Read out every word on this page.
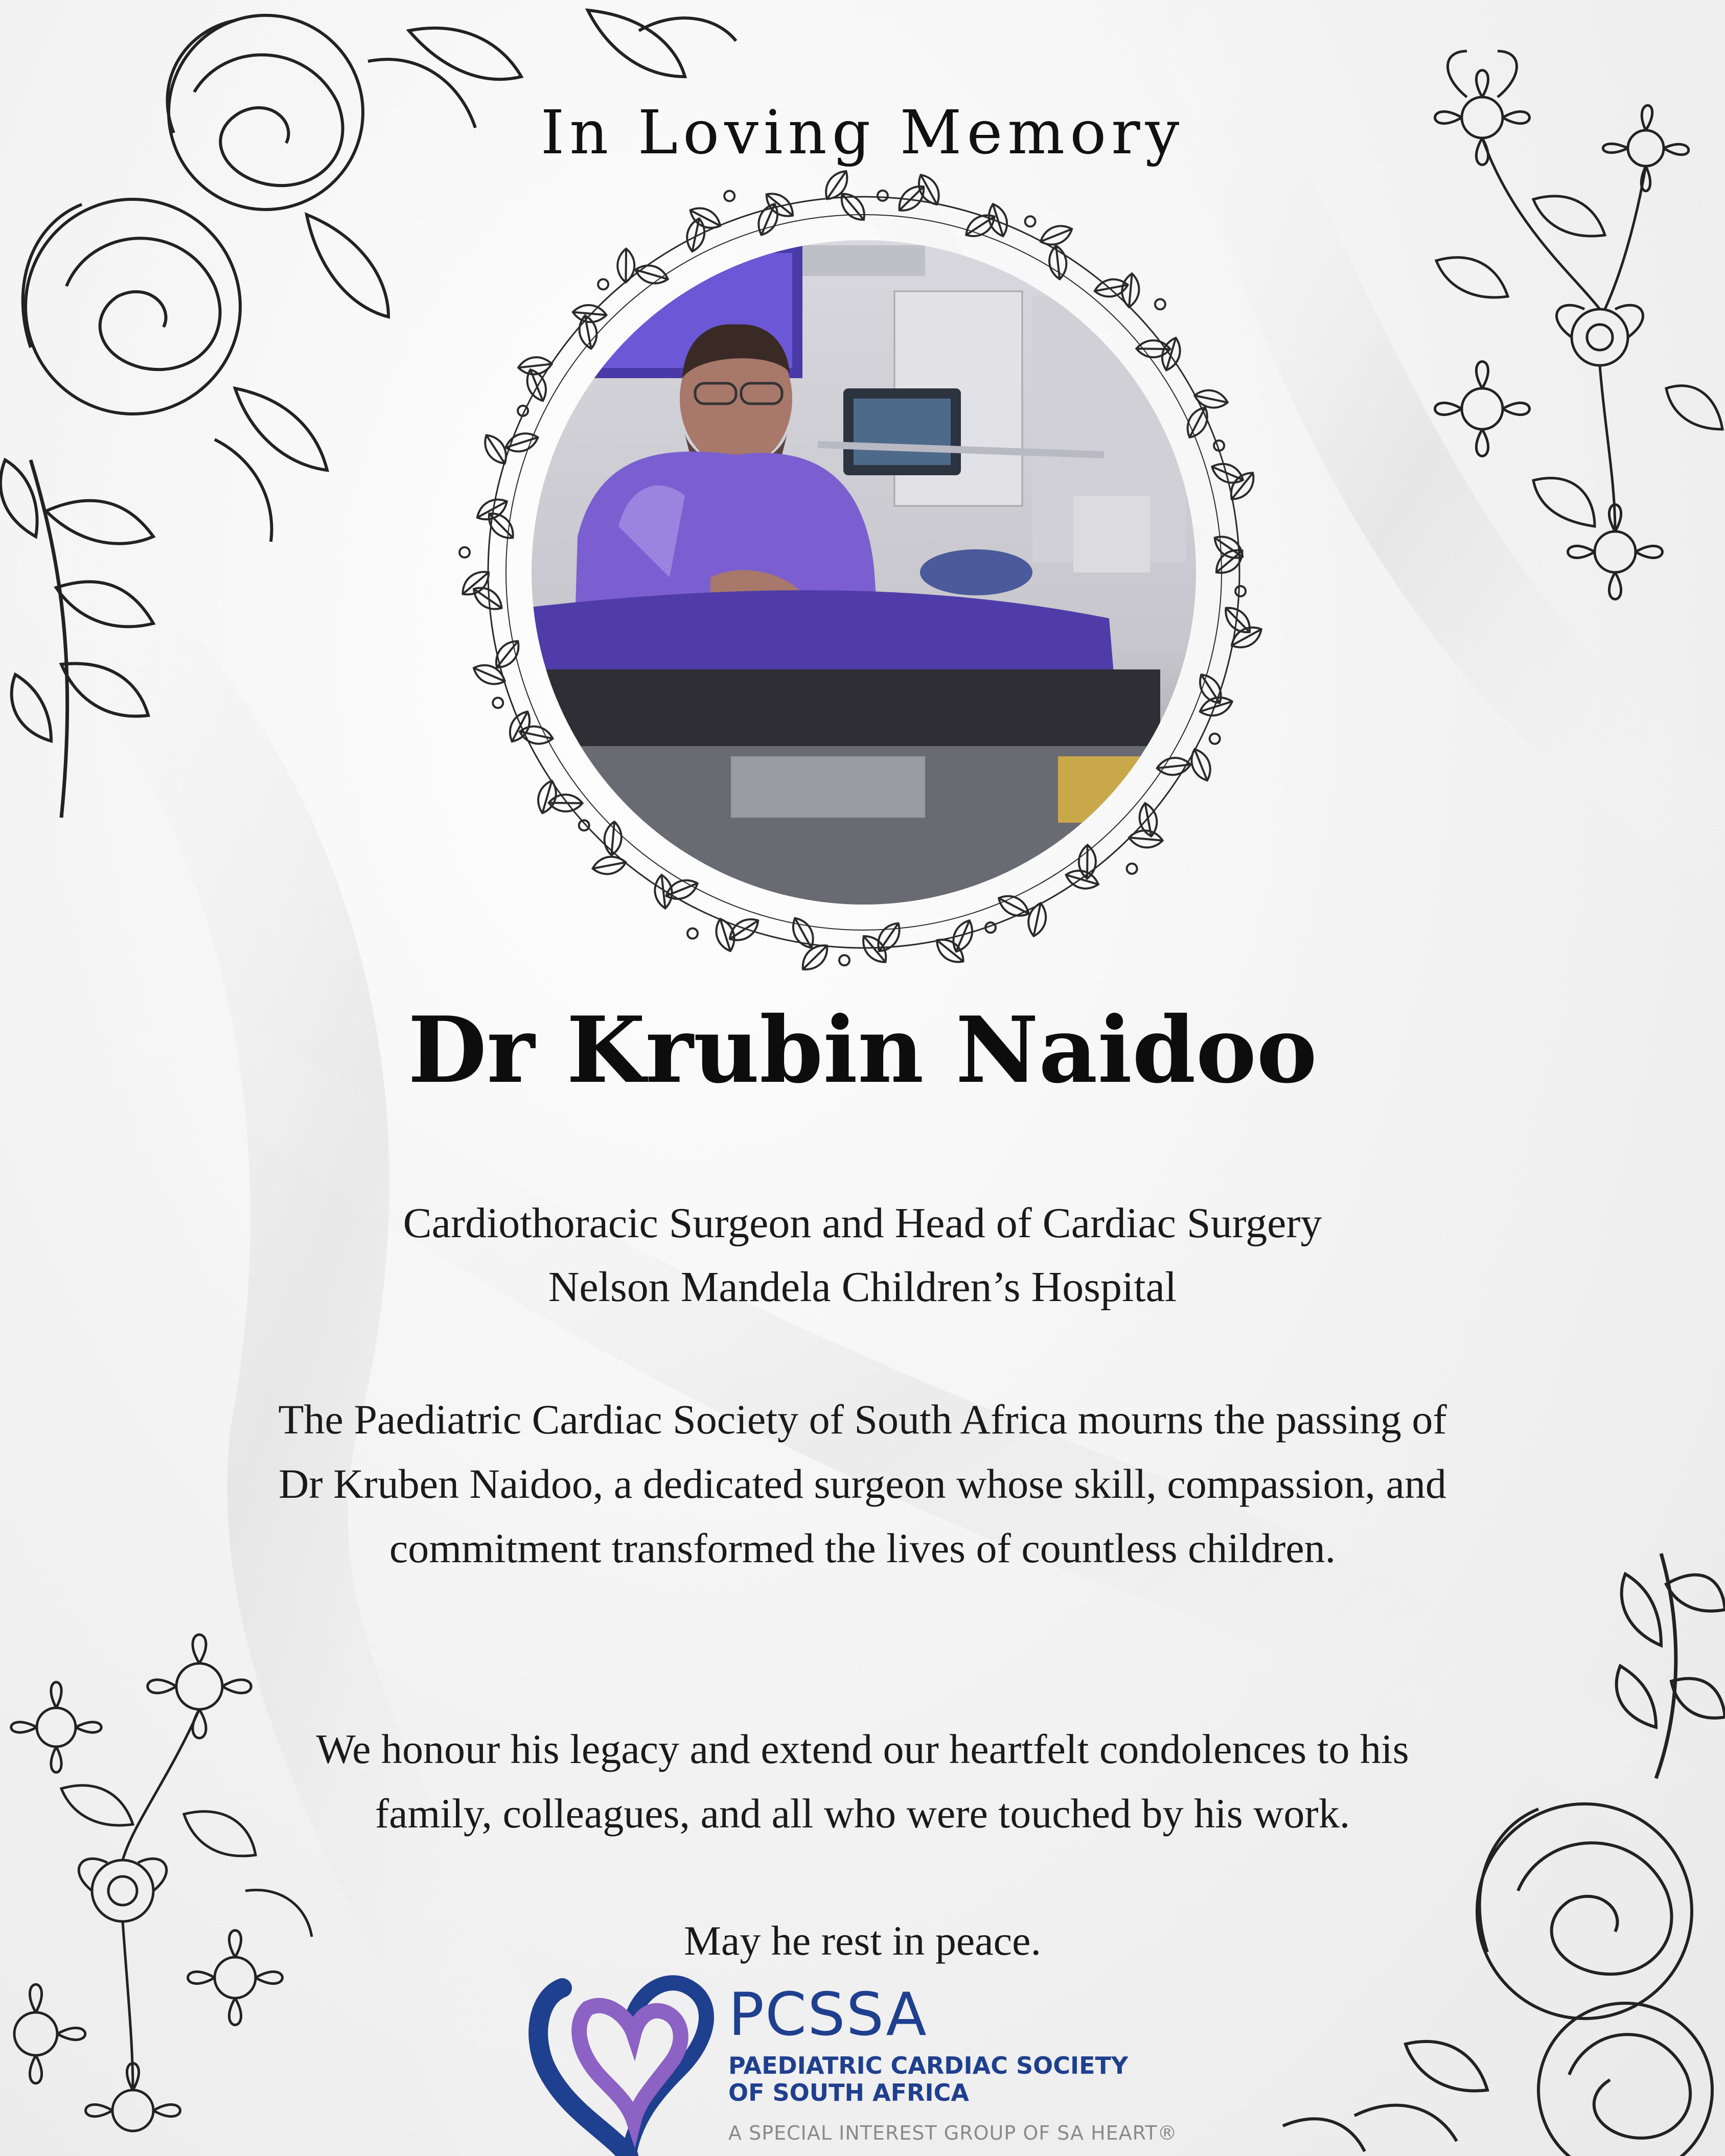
In Loving Memory
Dr Krubin Naidoo
Cardiothoracic Surgeon and Head of Cardiac Surgery
Nelson Mandela Children’s Hospital

The Paediatric Cardiac Society of South Africa mourns the passing of Dr Kruben Naidoo, a dedicated surgeon whose skill, compassion, and commitment transformed the lives of countless children.

We honour his legacy and extend our heartfelt condolences to his family, colleagues, and all who were touched by his work.

May he rest in peace.

PCSSA
PAEDIATRIC CARDIAC SOCIETY
OF SOUTH AFRICA
A SPECIAL INTEREST GROUP OF SA HEART®
